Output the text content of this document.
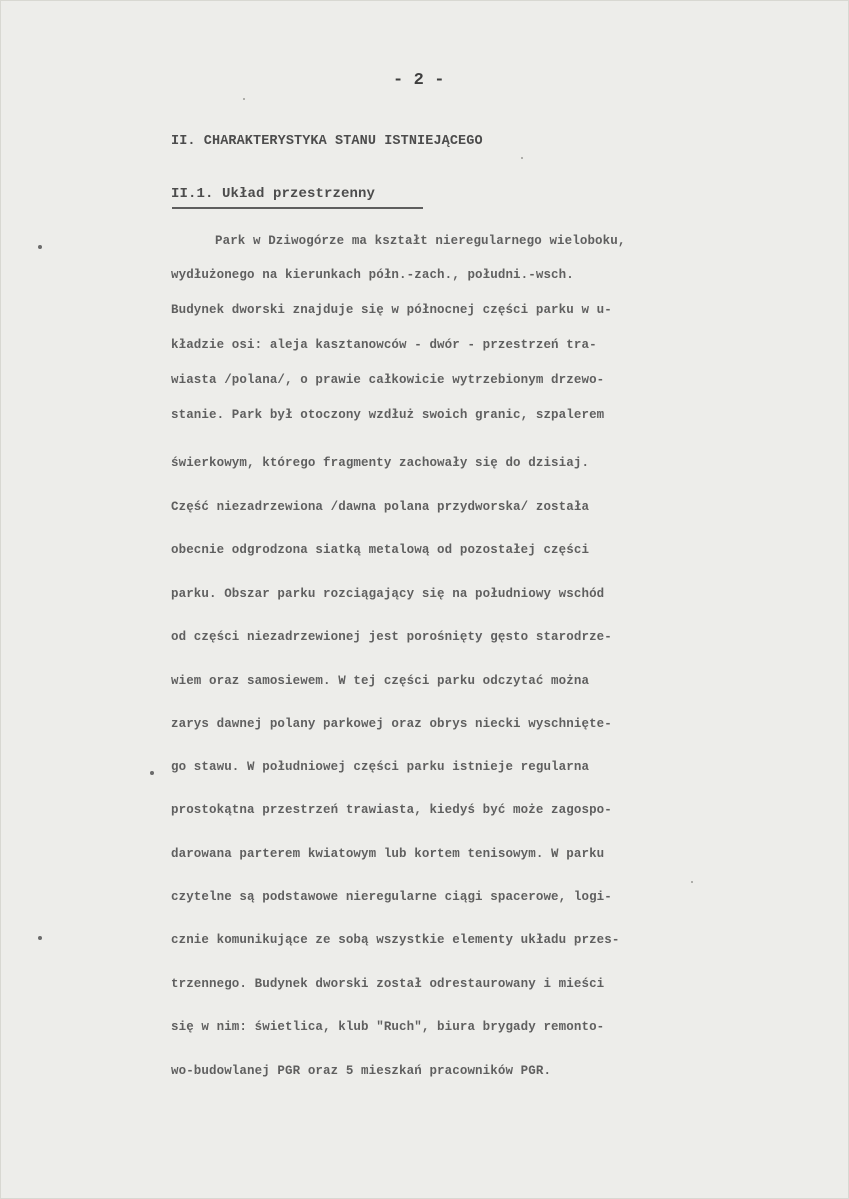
- 2 -
II. CHARAKTERYSTYKA STANU ISTNIEJĄCEGO
II.1. Układ przestrzenny
Park w Dziwogórze ma kształt nieregularnego wieloboku,
wydłużonego na kierunkach półn.-zach., południ.-wsch.
Budynek dworski znajduje się w północnej części parku w u-
kładzie osi: aleja kasztanowców - dwór - przestrzeń tra-
wiasta /polana/, o prawie całkowicie wytrzebionym drzewo-
stanie. Park był otoczony wzdłuż swoich granic, szpalerem
świerkowym, którego fragmenty zachowały się do dzisiaj.
Część niezadrzewiona /dawna polana przydworska/ została
obecnie odgrodzona siatką metalową od pozostałej części
parku. Obszar parku rozciągający się na południowy wschód
od części niezadrzewionej jest porośnięty gęsto starodrze-
wiem oraz samosiewem. W tej części parku odczytać można
zarys dawnej polany parkowej oraz obrys niecki wyschnięte-
go stawu. W południowej części parku istnieje regularna
prostokątna przestrzeń trawiasta, kiedyś być może zagospo-
darowana parterem kwiatowym lub kortem tenisowym. W parku
czytelne są podstawowe nieregularne ciągi spacerowe, logi-
cznie komunikujące ze sobą wszystkie elementy układu przes-
trzennego. Budynek dworski został odrestaurowany i mieści
się w nim: świetlica, klub "Ruch", biura brygady remonto-
wo-budowlanej PGR oraz 5 mieszkań pracowników PGR.
